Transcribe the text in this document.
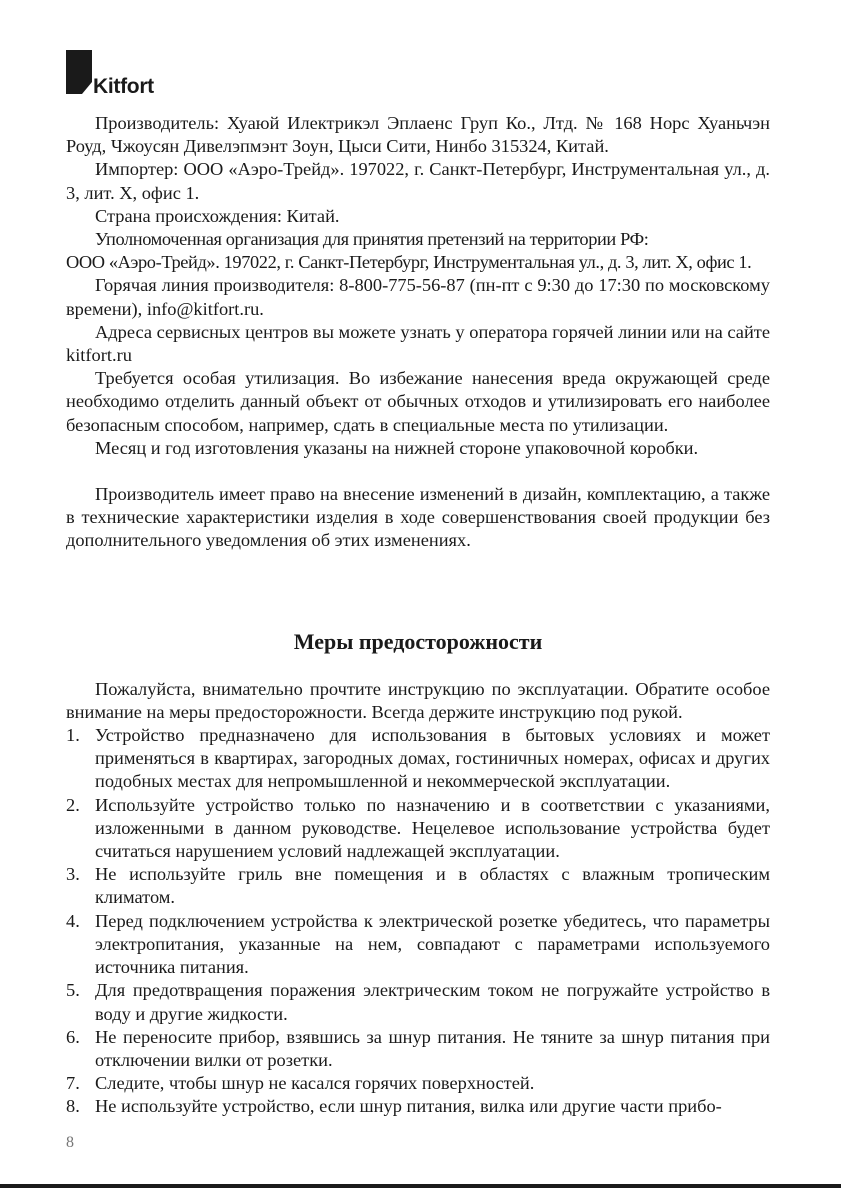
Kitfort

Производитель: Хуаюй Илектрикэл Эплаенс Груп Ко., Лтд. № 168 Норс Хуаньчэн Роуд, Чжоусян Дивелэпмэнт Зоун, Цыси Сити, Нинбо 315324, Китай.

Импортер: ООО «Аэро-Трейд». 197022, г. Санкт-Петербург, Инструментальная ул., д. 3, лит. Х, офис 1.

Страна происхождения: Китай.

Уполномоченная организация для принятия претензий на территории РФ:

ООО «Аэро-Трейд». 197022, г. Санкт-Петербург, Инструментальная ул., д. 3, лит. Х, офис 1.

Горячая линия производителя: 8-800-775-56-87 (пн-пт с 9:30 до 17:30 по московскому времени), info@kitfort.ru.

Адреса сервисных центров вы можете узнать у оператора горячей линии или на сайте kitfort.ru

Требуется особая утилизация. Во избежание нанесения вреда окружающей среде необходимо отделить данный объект от обычных отходов и утилизировать его наиболее безопасным способом, например, сдать в специальные места по утилизации.

Месяц и год изготовления указаны на нижней стороне упаковочной коробки.

Производитель имеет право на внесение изменений в дизайн, комплектацию, а также в технические характеристики изделия в ходе совершенствования своей продукции без дополнительного уведомления об этих изменениях.

Меры предосторожности

Пожалуйста, внимательно прочтите инструкцию по эксплуатации. Обратите особое внимание на меры предосторожности. Всегда держите инструкцию под рукой.

1. Устройство предназначено для использования в бытовых условиях и может применяться в квартирах, загородных домах, гостиничных номерах, офисах и других подобных местах для непромышленной и некоммерческой эксплуатации.
2. Используйте устройство только по назначению и в соответствии с указаниями, изложенными в данном руководстве. Нецелевое использование устройства будет считаться нарушением условий надлежащей эксплуатации.
3. Не используйте гриль вне помещения и в областях с влажным тропическим климатом.
4. Перед подключением устройства к электрической розетке убедитесь, что параметры электропитания, указанные на нем, совпадают с параметрами используемого источника питания.
5. Для предотвращения поражения электрическим током не погружайте устройство в воду и другие жидкости.
6. Не переносите прибор, взявшись за шнур питания. Не тяните за шнур питания при отключении вилки от розетки.
7. Следите, чтобы шнур не касался горячих поверхностей.
8. Не используйте устройство, если шнур питания, вилка или другие части прибо-
8
